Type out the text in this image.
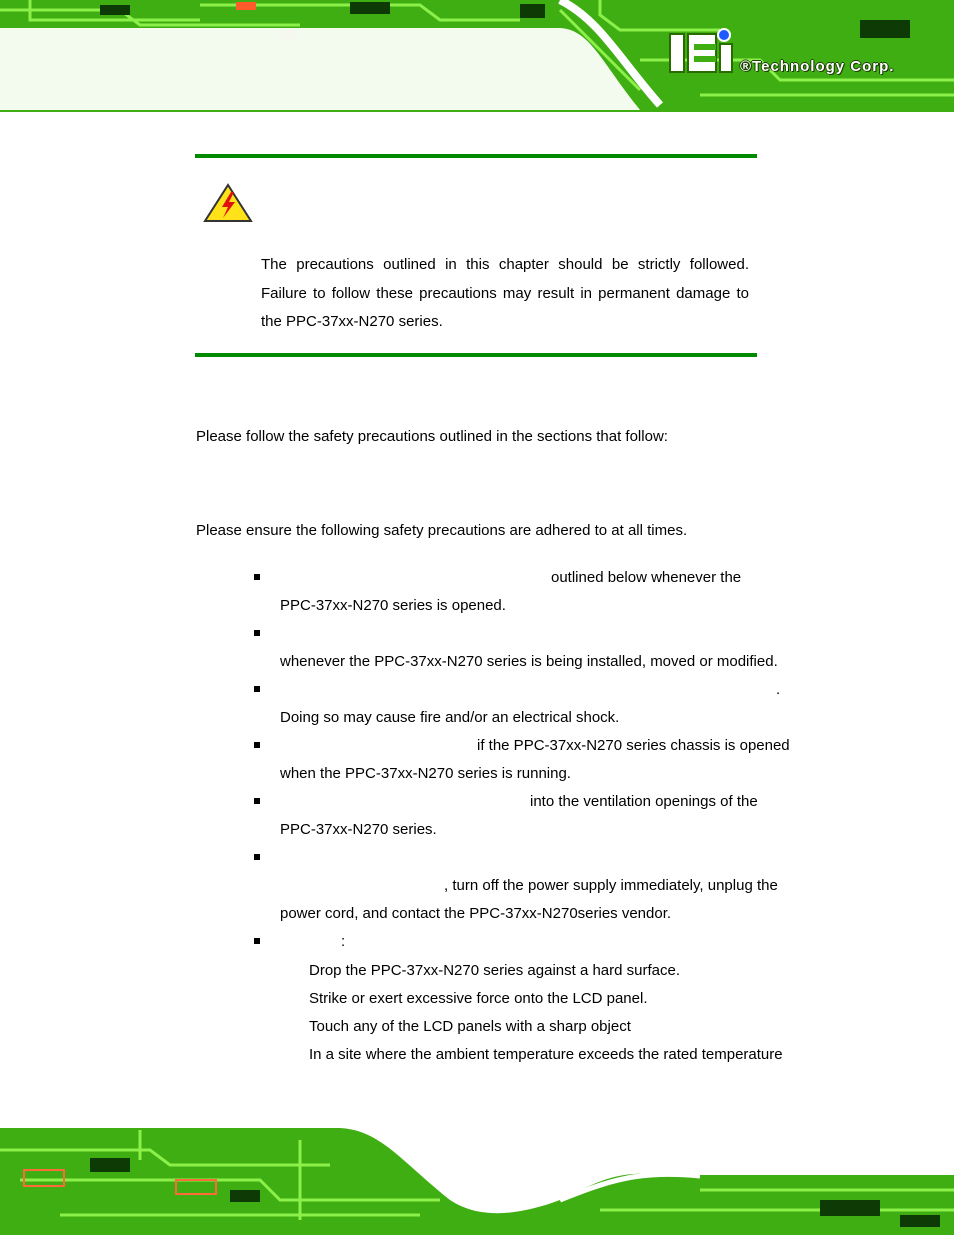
®Technology Corp.
The precautions outlined in this chapter should be strictly followed.
Failure to follow these precautions may result in permanent damage to
the PPC-37xx-N270 series.
Please follow the safety precautions outlined in the sections that follow:
Please ensure the following safety precautions are adhered to at all times.
outlined below whenever the
PPC-37xx-N270 series is opened.
whenever the PPC-37xx-N270 series is being installed, moved or modified.
.
Doing so may cause fire and/or an electrical shock.
if the PPC-37xx-N270 series chassis is opened
when the PPC-37xx-N270 series is running.
into the ventilation openings of the
PPC-37xx-N270 series.
, turn off the power supply immediately, unplug the
power cord, and contact the PPC-37xx-N270series vendor.
:
Drop the PPC-37xx-N270 series against a hard surface.
Strike or exert excessive force onto the LCD panel.
Touch any of the LCD panels with a sharp object
In a site where the ambient temperature exceeds the rated temperature
